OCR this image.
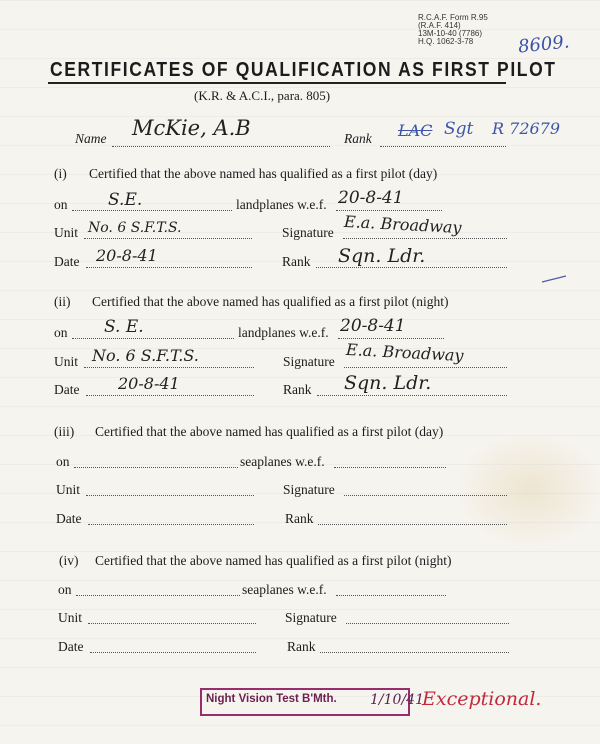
R.C.A.F. Form R.95
(R.A.F. 414)
13M-10-40 (7786)
H.Q. 1062-3-78	8609.
CERTIFICATES OF QUALIFICATION AS FIRST PILOT
(K.R. & A.C.I., para. 805)
Name McKie, A.B	Rank LAC Sgt R 72679
(i) Certified that the above named has qualified as a first pilot (day)
on S.E.	landplanes w.e.f. 20-8-41
Unit No. 6 S.F.T.S.	Signature E.a. Broadway
Date 20-8-41	Rank Sqn. Ldr.
(ii) Certified that the above named has qualified as a first pilot (night)
on S. E.	landplanes w.e.f. 20-8-41
Unit No. 6 S.F.T.S.	Signature E.a. Broadway
Date 20-8-41	Rank Sqn. Ldr.
(iii) Certified that the above named has qualified as a first pilot (day)
on	seaplanes w.e.f.
Unit	Signature
Date	Rank
(iv) Certified that the above named has qualified as a first pilot (night)
on	seaplanes w.e.f.
Unit	Signature
Date	Rank
Night Vision Test B'Mth. 1/10/41
Exceptional.
